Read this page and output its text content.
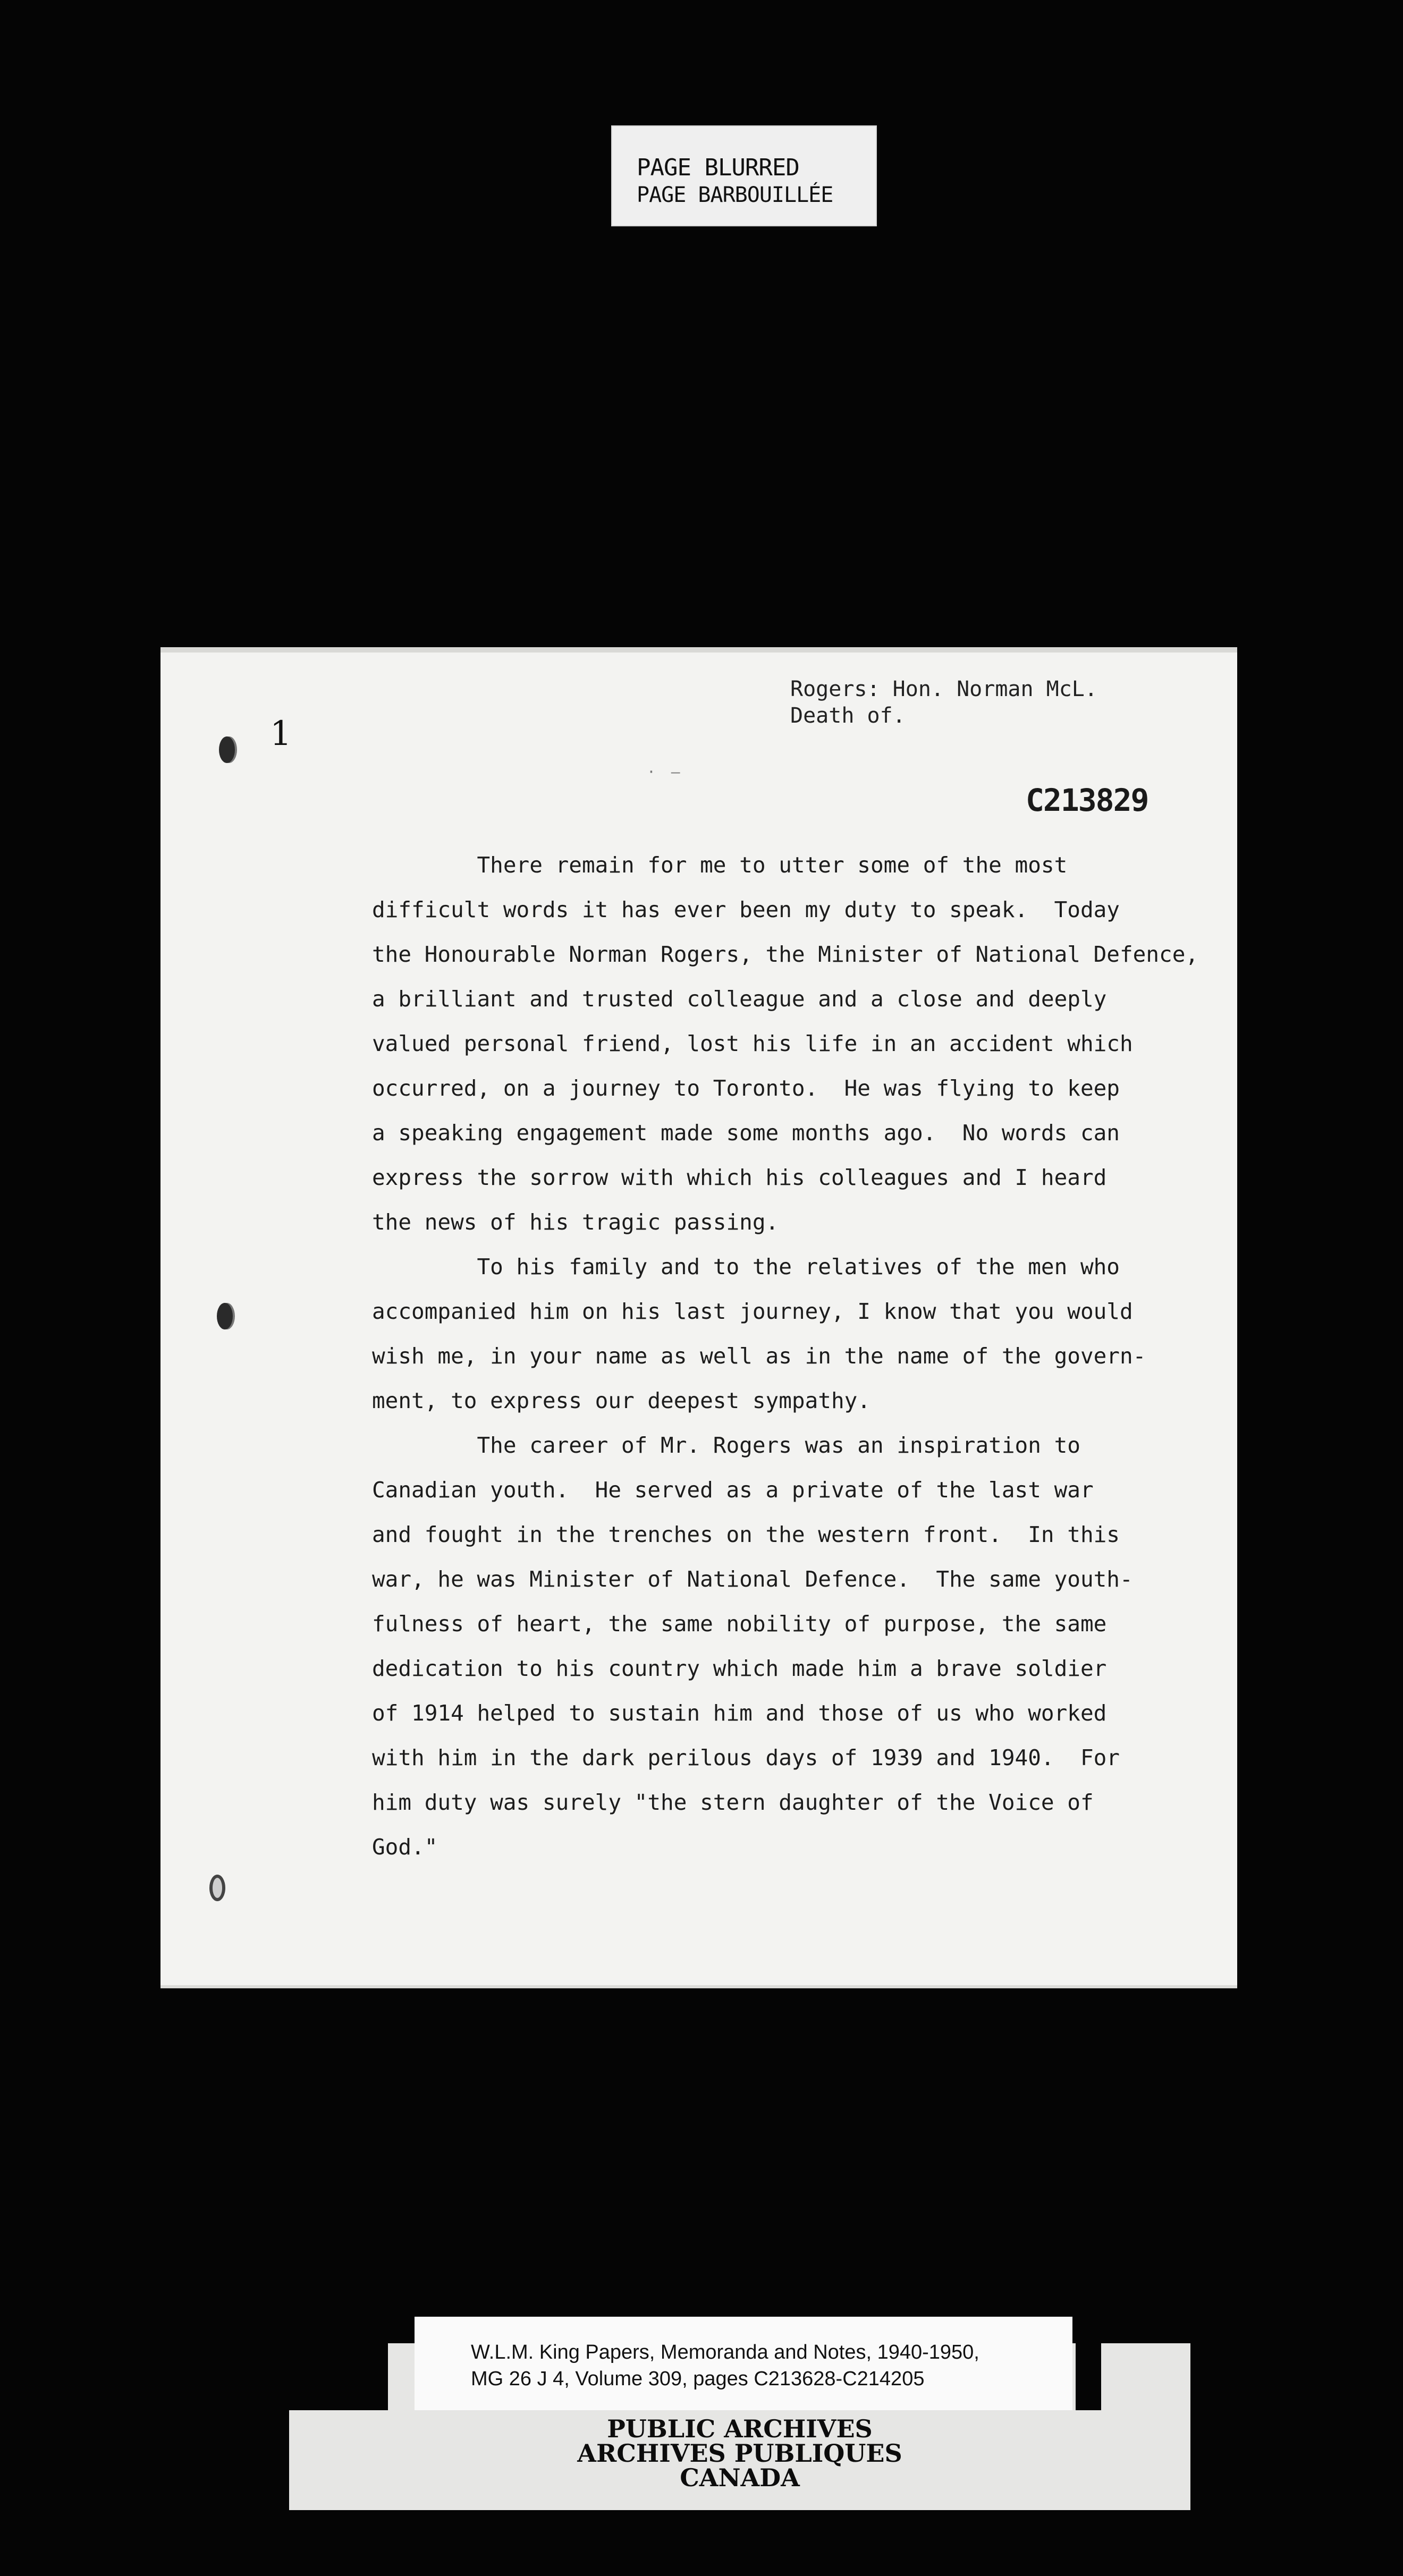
PAGE BLURRED
PAGE BARBOUILLÉE
Rogers: Hon. Norman McL.
Death of.
1
· –
C213829

There remain for me to utter some of the most
difficult words it has ever been my duty to speak.  Today
the Honourable Norman Rogers, the Minister of National Defence,
a brilliant and trusted colleague and a close and deeply
valued personal friend, lost his life in an accident which
occurred, on a journey to Toronto.  He was flying to keep
a speaking engagement made some months ago.  No words can
express the sorrow with which his colleagues and I heard
the news of his tragic passing.

To his family and to the relatives of the men who
accompanied him on his last journey, I know that you would
wish me, in your name as well as in the name of the govern-
ment, to express our deepest sympathy.

The career of Mr. Rogers was an inspiration to
Canadian youth.  He served as a private of the last war
and fought in the trenches on the western front.  In this
war, he was Minister of National Defence.  The same youth-
fulness of heart, the same nobility of purpose, the same
dedication to his country which made him a brave soldier
of 1914 helped to sustain him and those of us who worked
with him in the dark perilous days of 1939 and 1940.  For
him duty was surely "the stern daughter of the Voice of
God."

W.L.M. King Papers, Memoranda and Notes, 1940-1950,
MG 26 J 4, Volume 309, pages C213628-C214205
PUBLIC ARCHIVES
ARCHIVES PUBLIQUES
CANADA
